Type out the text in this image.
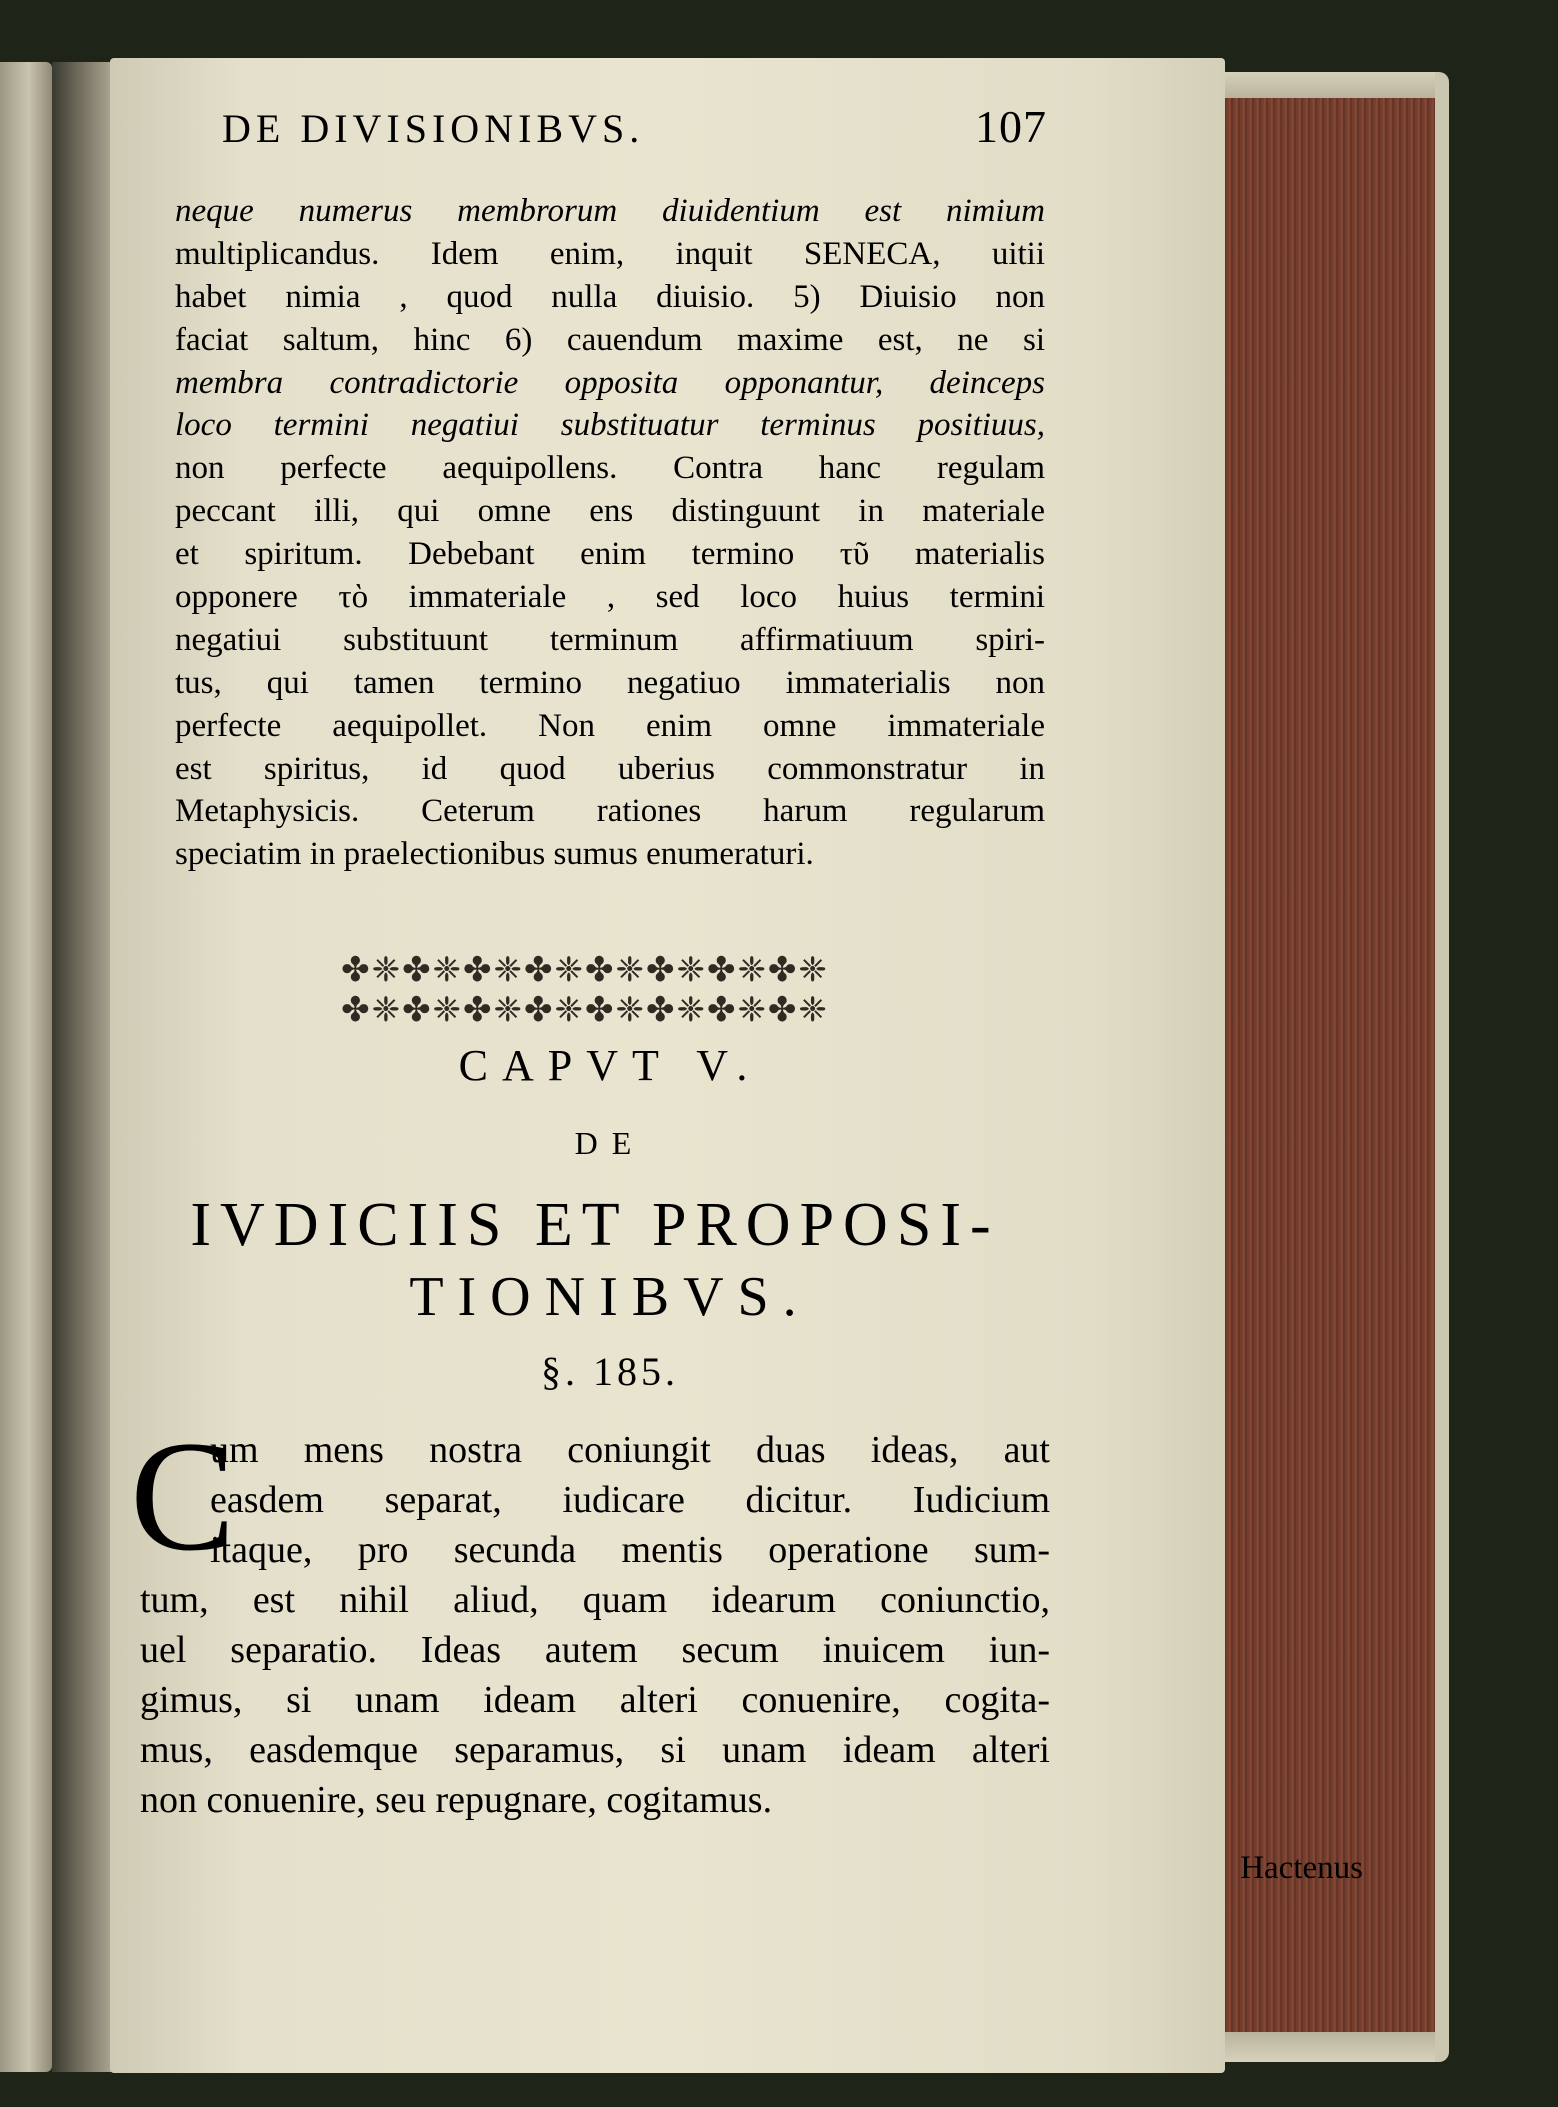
DE DIVISIONIBVS.	107
neque numerus membrorum diuidentium est nimium
multiplicandus. Idem enim, inquit SENECA, uitii
habet nimia , quod nulla diuisio. 5) Diuisio non
faciat saltum, hinc 6) cauendum maxime est, ne si
membra contradictorie opposita opponantur, deinceps
loco termini negatiui substituatur terminus positiuus,
non perfecte aequipollens. Contra hanc regulam
peccant illi, qui omne ens distinguunt in materiale
et spiritum. Debebant enim termino τῦ materialis
opponere τὸ immateriale , sed loco huius termini
negatiui substituunt terminum affirmatiuum spiri-
tus, qui tamen termino negatiuo immaterialis non
perfecte aequipollet. Non enim omne immateriale
est spiritus, id quod uberius commonstratur in
Metaphysicis. Ceterum rationes harum regularum
speciatim in praelectionibus sumus enumeraturi.
✤❈✤❈✤❈✤❈✤❈✤❈✤❈✤❈ ✤❈✤❈✤❈✤❈✤❈✤❈✤❈✤❈
CAPVT V.
DE
IVDICIIS ET PROPOSI-
TIONIBVS.
§. 185.
C
um mens nostra coniungit duas ideas, aut
easdem separat, iudicare dicitur. Iudicium
itaque, pro secunda mentis operatione sum-
tum, est nihil aliud, quam idearum coniunctio,
uel separatio. Ideas autem secum inuicem iun-
gimus, si unam ideam alteri conuenire, cogita-
mus, easdemque separamus, si unam ideam alteri
non conuenire, seu repugnare, cogitamus.
Hactenus
